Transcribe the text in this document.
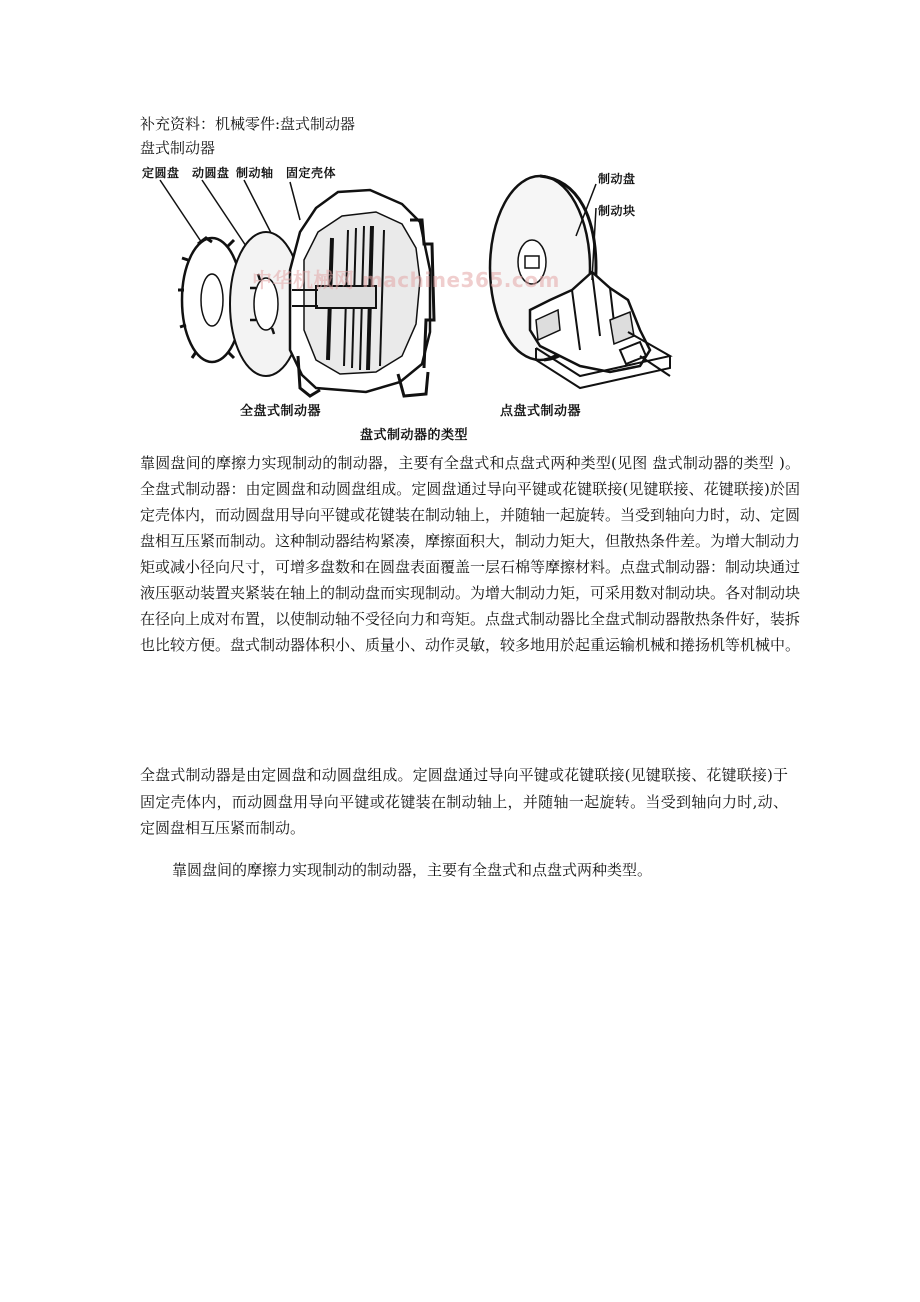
补充资料：机械零件:盘式制动器
盘式制动器
定圆盘 动圆盘 制动轴 固定壳体	制动盘
制动块
全盘式制动器	点盘式制动器
盘式制动器的类型
中华机械网 machine365.com
靠圆盘间的摩擦力实现制动的制动器，主要有全盘式和点盘式两种类型(见图 盘式制动器的类型 )。全盘式制动器：由定圆盘和动圆盘组成。定圆盘通过导向平键或花键联接(见键联接、花键联接)於固定壳体内，而动圆盘用导向平键或花键装在制动轴上，并随轴一起旋转。当受到轴向力时，动、定圆盘相互压紧而制动。这种制动器结构紧凑，摩擦面积大，制动力矩大，但散热条件差。为增大制动力矩或减小径向尺寸，可增多盘数和在圆盘表面覆盖一层石棉等摩擦材料。点盘式制动器：制动块通过液压驱动装置夹紧装在轴上的制动盘而实现制动。为增大制动力矩，可采用数对制动块。各对制动块在径向上成对布置，以使制动轴不受径向力和弯矩。点盘式制动器比全盘式制动器散热条件好，装拆也比较方便。盘式制动器体积小、质量小、动作灵敏，较多地用於起重运输机械和捲扬机等机械中。
全盘式制动器是由定圆盘和动圆盘组成。定圆盘通过导向平键或花键联接(见键联接、花键联接)于固定壳体内，而动圆盘用导向平键或花键装在制动轴上，并随轴一起旋转。当受到轴向力时,动、定圆盘相互压紧而制动。
靠圆盘间的摩擦力实现制动的制动器，主要有全盘式和点盘式两种类型。
